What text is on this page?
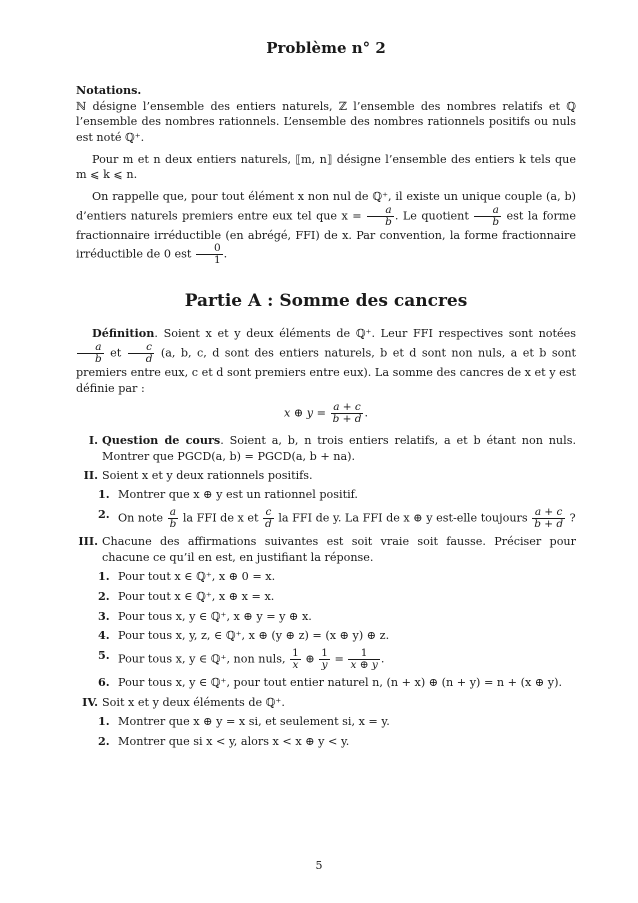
Problème n° 2

Notations.
ℕ désigne l’ensemble des entiers naturels, ℤ l’ensemble des nombres relatifs et ℚ l’ensemble des nombres rationnels. L’ensemble des nombres rationnels positifs ou nuls est noté ℚ⁺.

Pour m et n deux entiers naturels, ⟦m, n⟧ désigne l’ensemble des entiers k tels que m ⩽ k ⩽ n.

On rappelle que, pour tout élément x non nul de ℚ⁺, il existe un unique couple (a, b) d’entiers naturels premiers entre eux tel que $x = \frac{a}{b}$ . Le quotient $\frac{a}{b}$ est la forme fractionnaire irréductible (en abrégé, FFI) de x. Par convention, la forme fractionnaire irréductible de 0 est $\frac{0}{1}$ .

Partie A : Somme des cancres

Définition. Soient x et y deux éléments de ℚ⁺. Leur FFI respectives sont notées
$\frac{a}{b}$ et $\frac{c}{d} (a$, b, c, d sont des entiers naturels, b et d sont non nuls, a et b sont premiers entre eux, c et d sont premiers entre eux). La somme des cancres de x et y est définie par :

x ⊕ $y = \frac{a + c}{b + d}$ .
I. Question de cours. Soient a, b, n trois entiers relatifs, a et b étant non nuls. Montrer que PGCD(a, b) = PGCD(a, b + na).
II. Soient x et y deux rationnels positifs.
1. Montrer que x ⊕ y est un rationnel positif.
2. On note $\frac{a}{b}$ la FFI de x et $\frac{c}{d}$ la FFI de y. La FFI de x ⊕ y est-elle toujours $\frac{a + c}{b + d}$ ?
III. Chacune des affirmations suivantes est soit vraie soit fausse. Préciser pour chacune ce qu’il en est, en justifiant la réponse.
1. Pour tout x ∈ ℚ⁺, x ⊕ 0 = x.
2. Pour tout x ∈ ℚ⁺, x ⊕ x = x.
3. Pour tous x, y ∈ ℚ⁺, x ⊕ y = y ⊕ x.
4. Pour tous x, y, z, ∈ ℚ⁺, x ⊕ (y ⊕ z) = (x ⊕ y) ⊕ z.
5. Pour tous x, y ∈ ℚ⁺, non nuls, $\frac{1}{x}$ ⊕ $\frac{1}{y} = \frac{1}{x \oplus y}$ .
6. Pour tous x, y ∈ ℚ⁺, pour tout entier naturel n, (n + x) ⊕ (n + y) = n + (x ⊕ y).
IV. Soit x et y deux éléments de ℚ⁺.
1. Montrer que x ⊕ y = x si, et seulement si, x = y.
2. Montrer que si x < y, alors x < x ⊕ y < y.
5
